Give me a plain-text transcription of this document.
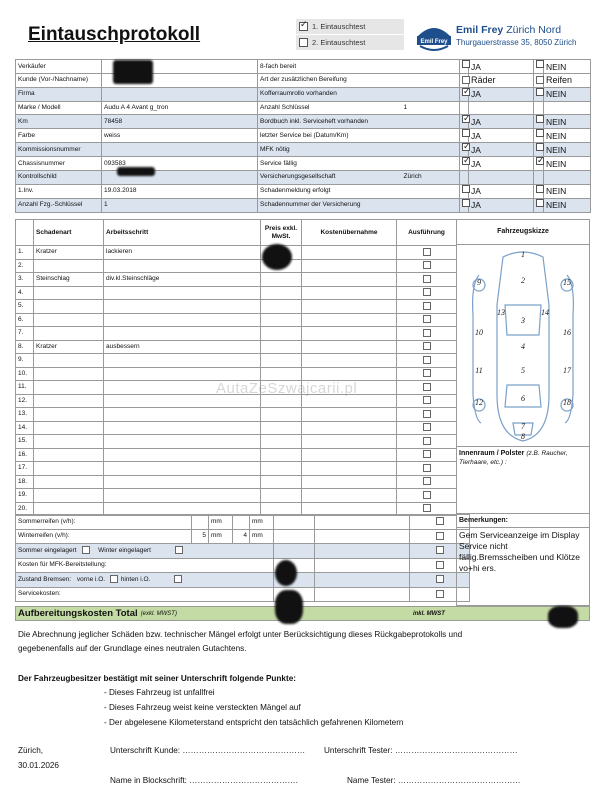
Eintauschprotokoll ✓	1. Eintauschtest
2. Eintauschtest	Emil Frey
Emil Frey Zürich Nord
Thurgauerstrasse 35, 8050 Zürich
Verkäufer		8-fach bereit			JA		NEIN
Kunde (Vor-/Nachname)		Art der zusätzlichen Bereifung			Räder		Reifen
Firma		Kofferraumrollo vorhanden		✓	JA		NEIN
Marke / Modell	Audu A 4 Avant g_tron	Anzahl Schlüssel	1				
Km	78458	Bordbuch inkl. Serviceheft vorhanden		✓	JA		NEIN
Farbe	weiss	letzter Service bei (Datum/Km)			JA		NEIN
Kommissionsnummer		MFK nötig		✓	JA		NEIN
Chassisnummer	093583	Service fällig		✓	JA	✓	NEIN
Kontrollschild		Versicherungsgesellschaft	Zürich				
1.Inv.	19.03.2018	Schadenmeldung erfolgt			JA		NEIN
Anzahl Fzg.-Schlüssel	1	Schadennummer der Versicherung			JA		NEIN
	Schadenart	Arbeitsschritt	Preis exkl. MwSt.	Kostenübernahme	Ausführung
1.	Kratzer	lackieren			
2.					
3.	Steinschlag	div.kl.Steinschläge			
4.					
5.					
6.					
7.					
8.	Kratzer	ausbessern			
9.					
10.					
11.					
12.					
13.					
14.					
15.					
16.					
17.					
18.					
19.					
20.					
Sommerreifen (v/h):		mm		mm			
Winterreifen (v/h):	5	mm	4	mm			
Sommer eingelagert Winter eingelagert							
Kosten für MFK-Bereitstellung:							
Zustand Bremsen: vorne i.O. hinten i.O.							
Servicekosten:							
Fahrzeugskizze
1
2
3
4
5
6
7
8
9
10
11
12
13	14
15
16
17
18
Innenraum / Polster (z.B. Raucher, Tierhaare, etc.) :
Bemerkungen:
Gem Serviceanzeige im Display Service nicht fällig.Bremsscheiben und Klötze vo+hi ers.
AutaZeSzwajcarii.pl
Aufbereitungskosten Total (exkl. MWST)	inkl. MWST
Die Abrechnung jeglicher Schäden bzw. technischer Mängel erfolgt unter Berücksichtigung dieses Rückgabeprotokolls und
gegebenenfalls auf der Grundlage eines neutralen Gutachtens.
Der Fahrzeugbesitzer bestätigt mit seiner Unterschrift folgende Punkte:
- Dieses Fahrzeug ist unfallfrei
- Dieses Fahrzeug weist keine versteckten Mängel auf
- Der abgelesene Kilometerstand entspricht den tatsächlich gefahrenen Kilometern
Zürich,
30.01.2026
Unterschrift Kunde: ……………………………………… Unterschrift Tester: ………………………………………
Name in Blockschrift: ………………………………….	Name Tester: ………………………………………
